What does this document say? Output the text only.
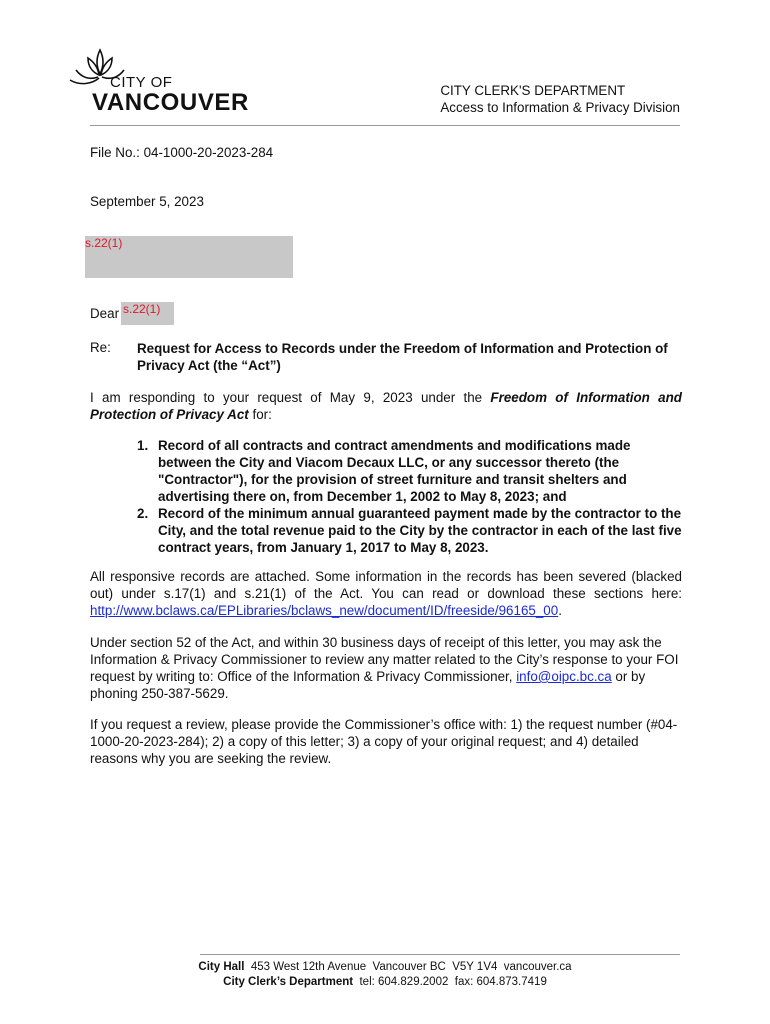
CITY OF
VANCOUVER	CITY CLERK'S DEPARTMENT
Access to Information & Privacy Division
File No.: 04-1000-20-2023-284
September 5, 2023
s.22(1)
Dear s.22(1)
Re: Request for Access to Records under the Freedom of Information and Protection of Privacy Act (the “Act”)
I am responding to your request of May 9, 2023 under the Freedom of Information and Protection of Privacy Act for:
1. Record of all contracts and contract amendments and modifications made between the City and Viacom Decaux LLC, or any successor thereto (the "Contractor"), for the provision of street furniture and transit shelters and advertising there on, from December 1, 2002 to May 8, 2023; and
2. Record of the minimum annual guaranteed payment made by the contractor to the City, and the total revenue paid to the City by the contractor in each of the last five contract years, from January 1, 2017 to May 8, 2023.
All responsive records are attached. Some information in the records has been severed (blacked out) under s.17(1) and s.21(1) of the Act. You can read or download these sections here: http://www.bclaws.ca/EPLibraries/bclaws_new/document/ID/freeside/96165_00.
Under section 52 of the Act, and within 30 business days of receipt of this letter, you may ask the Information & Privacy Commissioner to review any matter related to the City’s response to your FOI request by writing to: Office of the Information & Privacy Commissioner, info@oipc.bc.ca or by phoning 250-387-5629.
If you request a review, please provide the Commissioner’s office with: 1) the request number (#04-1000-20-2023-284); 2) a copy of this letter; 3) a copy of your original request; and 4) detailed reasons why you are seeking the review.
City Hall  453 West 12th Avenue  Vancouver BC  V5Y 1V4  vancouver.ca
City Clerk’s Department  tel: 604.829.2002  fax: 604.873.7419
